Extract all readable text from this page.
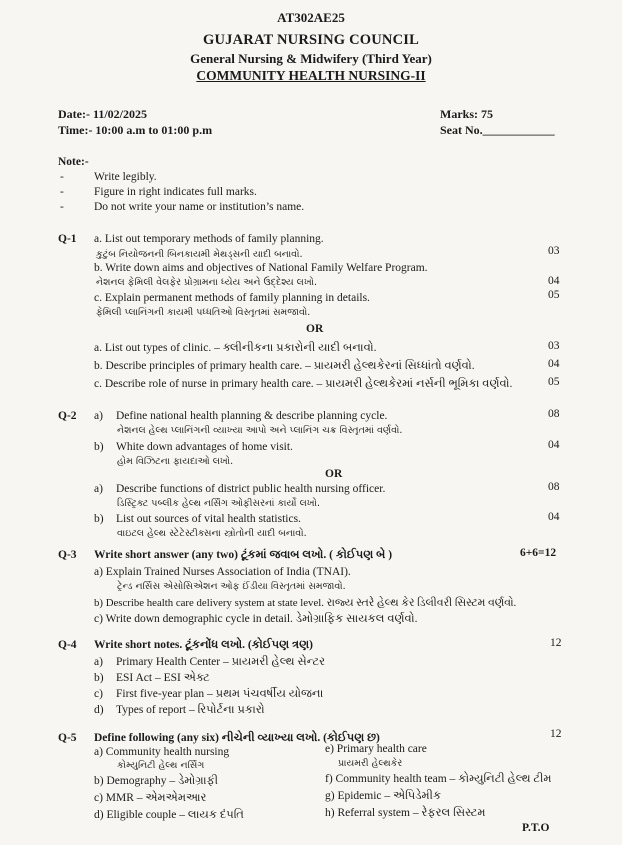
AT302AE25
GUJARAT NURSING COUNCIL
General Nursing & Midwifery (Third Year)
COMMUNITY HEALTH NURSING-II
Date:- 11/02/2025
Time:- 10:00 a.m to 01:00 p.m
Marks: 75
Seat No.____________
Note:-
-	Write legibly.
-	Figure in right indicates full marks.
-	Do not write your name or institution’s name.
Q-1 a. List out temporary methods of family planning.
કુટુંબ નિયોજનની બિનકાયમી મેથડ્સની યાદી બનાવો.	03
b. Write down aims and objectives of National Family Welfare Program.
નેશનલ ફેમિલી વેલફેર પ્રોગ્રામના ધ્યેય અને ઉદ્દેશ્ય લખો.	04
c. Explain permanent methods of family planning in details.
ફેમિલી પ્લાનિંગની કાયમી પધ્ધતિઓ વિસ્તૃતમાં સમજાવો.
05
OR
a. List out types of clinic. – ક્લીનીકના પ્રકારોની યાદી બનાવો.	03
b. Describe principles of primary health care. – પ્રાયમરી હેલ્થકેરનાં સિધ્ધાંતો વર્ણવો.	04
c. Describe role of nurse in primary health care. – પ્રાયમરી હેલ્થકેરમાં નર્સની ભૂમિકા વર્ણવો.	05
Q-2 a) Define national health planning & describe planning cycle.
નેશનલ હેલ્થ પ્લાનિંગની વ્યાખ્યા આપો અને પ્લાનિંગ ચક્ર વિસ્તૃતમાં વર્ણવો.
08
b) White down advantages of home visit.
હોમ વિઝિટના ફાયદાઓ લખો.
04
OR
a) Describe functions of district public health nursing officer.
ડિસ્ટ્રિક્ટ પબ્લીક હેલ્થ નર્સિંગ ઓફીસરનાં કાર્યો લખો.
08
b) List out sources of vital health statistics.
વાઇટલ હેલ્થ સ્ટેટેસ્ટીક્સના સ્ત્રોતોની યાદી બનાવો.
04
Q-3 Write short answer (any two) ટૂંકમાં જવાબ લખો. ( કોઈપણ બે )	6+6=12
a) Explain Trained Nurses Association of India (TNAI).
ટ્રેન્ડ નર્સિસ એસોસિએશન ઓફ ઈંડીયા વિસ્તૃતમાં સમજાવો.
b) Describe health care delivery system at state level. રાજ્ય સ્તરે હેલ્થ કેર ડિલીવરી સિસ્ટમ વર્ણવો.
c) Write down demographic cycle in detail. ડેમોગ્રાફિક સાયકલ વર્ણવો.
Q-4 Write short notes. ટૂંકનોંધ લખો. (કોઈપણ ત્રણ)	12
a) Primary Health Center – પ્રાયમરી હેલ્થ સેન્ટર
b) ESI Act – ESI એક્ટ
c) First five-year plan – પ્રથમ પંચવર્ષીય યોજના
d) Types of report – રિપોર્ટના પ્રકારો
Q-5 Define following (any six) નીચેની વ્યાખ્યા લખો. (કોઈપણ છ)	12
a) Community health nursing
કોમ્યુનિટી હેલ્થ નર્સિંગ
e) Primary health care
પ્રાયમરી હેલ્થકેર
b) Demography – ડેમોગ્રાફી	f) Community health team – કોમ્યુનિટી હેલ્થ ટીમ
c) MMR – એમએમઆર	g) Epidemic – એપિડેમીક
d) Eligible couple – લાયક દંપતિ	h) Referral system – રેફરલ સિસ્ટમ
P.T.O
